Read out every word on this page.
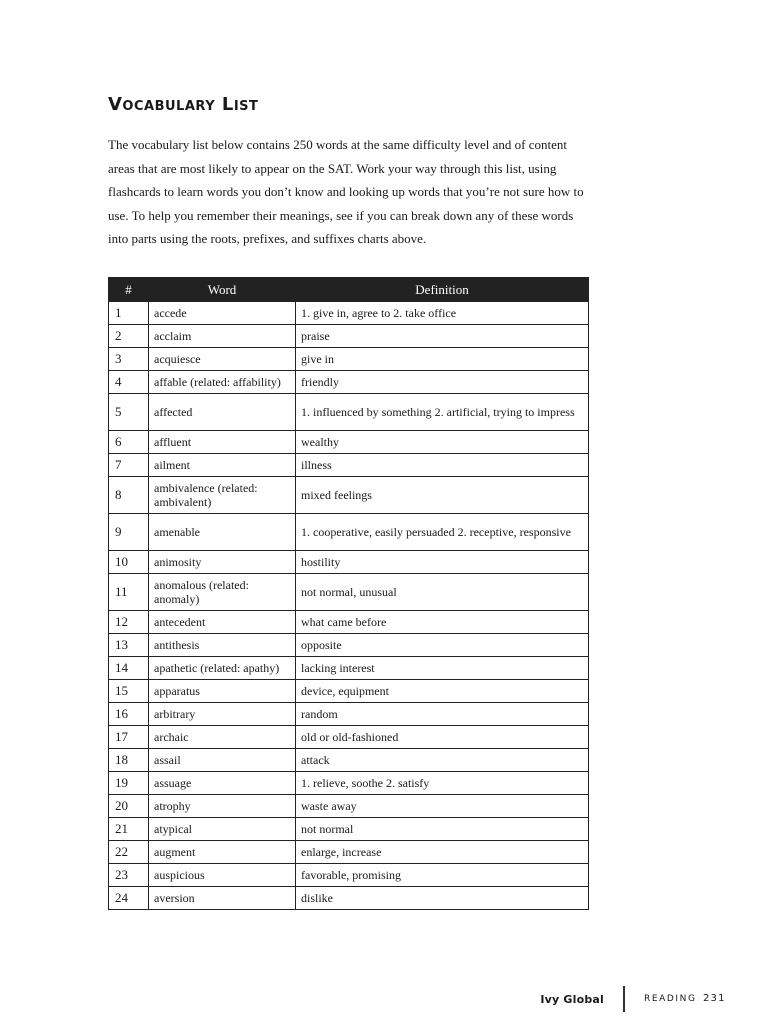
Vocabulary List

The vocabulary list below contains 250 words at the same difficulty level and of content areas that are most likely to appear on the SAT. Work your way through this list, using flashcards to learn words you don’t know and looking up words that you’re not sure how to use. To help you remember their meanings, see if you can break down any of these words into parts using the roots, prefixes, and suffixes charts above.

#	Word	Definition
1	accede	1. give in, agree to 2. take office
2	acclaim	praise
3	acquiesce	give in
4	affable (related: affability)	friendly
5	affected	1. influenced by something 2. artificial, trying to impress
6	affluent	wealthy
7	ailment	illness
8	ambivalence (related: ambivalent)	mixed feelings
9	amenable	1. cooperative, easily persuaded 2. receptive, responsive
10	animosity	hostility
11	anomalous (related: anomaly)	not normal, unusual
12	antecedent	what came before
13	antithesis	opposite
14	apathetic (related: apathy)	lacking interest
15	apparatus	device, equipment
16	arbitrary	random
17	archaic	old or old-fashioned
18	assail	attack
19	assuage	1. relieve, soothe 2. satisfy
20	atrophy	waste away
21	atypical	not normal
22	augment	enlarge, increase
23	auspicious	favorable, promising
24	aversion	dislike
Ivy Global	READING 231
